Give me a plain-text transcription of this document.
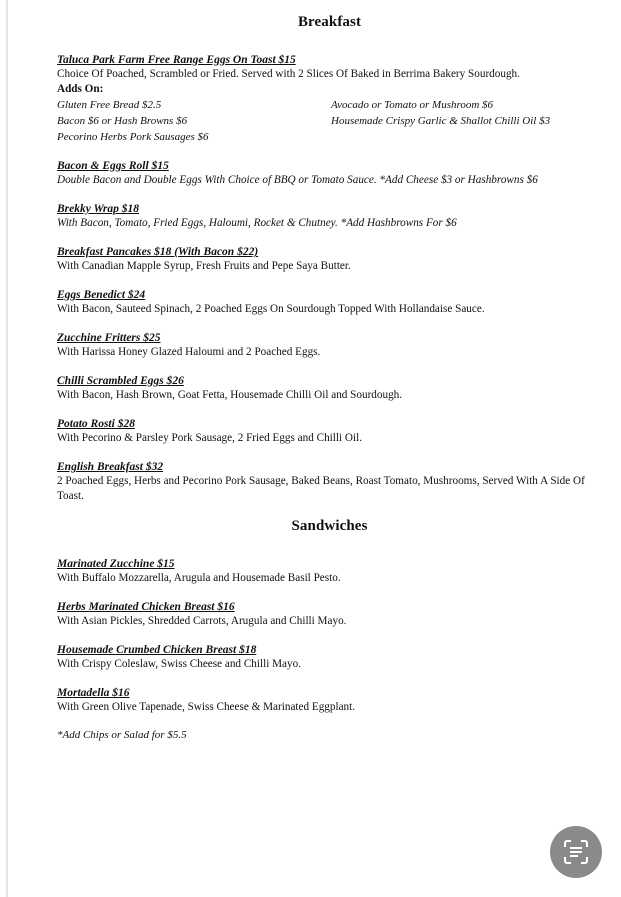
Breakfast

Taluca Park Farm Free Range Eggs On Toast $15

Choice Of Poached, Scrambled or Fried. Served with 2 Slices Of Baked in Berrima Bakery Sourdough.

Adds On:

Gluten Free Bread $2.5	Avocado or Tomato or Mushroom $6
Bacon $6 or Hash Browns $6	Housemade Crispy Garlic & Shallot Chilli Oil $3
Pecorino Herbs Pork Sausages $6

Bacon & Eggs Roll $15

Double Bacon and Double Eggs With Choice of BBQ or Tomato Sauce. *Add Cheese $3 or Hashbrowns $6

Brekky Wrap $18

With Bacon, Tomato, Fried Eggs, Haloumi, Rocket & Chutney. *Add Hashbrowns For $6

Breakfast Pancakes $18 (With Bacon $22)

With Canadian Mapple Syrup, Fresh Fruits and Pepe Saya Butter.

Eggs Benedict $24

With Bacon, Sauteed Spinach, 2 Poached Eggs On Sourdough Topped With Hollandaise Sauce.

Zucchine Fritters $25

With Harissa Honey Glazed Haloumi and 2 Poached Eggs.

Chilli Scrambled Eggs $26

With Bacon, Hash Brown, Goat Fetta, Housemade Chilli Oil and Sourdough.

Potato Rosti $28

With Pecorino & Parsley Pork Sausage, 2 Fried Eggs and Chilli Oil.

English Breakfast $32

2 Poached Eggs, Herbs and Pecorino Pork Sausage, Baked Beans, Roast Tomato, Mushrooms, Served With A Side Of Toast.

Sandwiches

Marinated Zucchine $15

With Buffalo Mozzarella, Arugula and Housemade Basil Pesto.

Herbs Marinated Chicken Breast $16

With Asian Pickles, Shredded Carrots, Arugula and Chilli Mayo.

Housemade Crumbed Chicken Breast $18

With Crispy Coleslaw, Swiss Cheese and Chilli Mayo.

Mortadella $16

With Green Olive Tapenade, Swiss Cheese & Marinated Eggplant.

*Add Chips or Salad for $5.5
